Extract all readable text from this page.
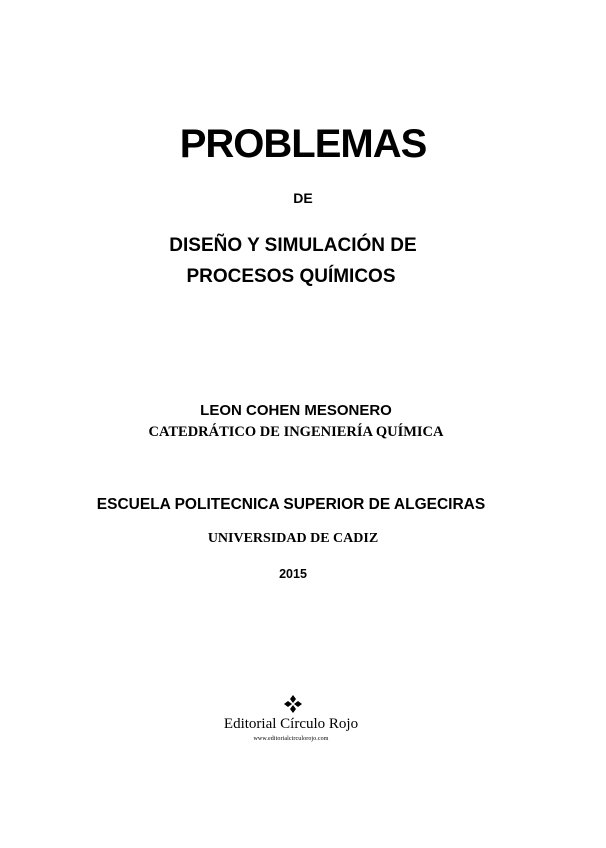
PROBLEMAS
DE
DISEÑO Y SIMULACIÓN DE
PROCESOS QUÍMICOS
LEON COHEN MESONERO
CATEDRÁTICO DE INGENIERÍA QUÍMICA
ESCUELA POLITECNICA SUPERIOR DE ALGECIRAS
UNIVERSIDAD DE CADIZ
2015
Editorial Círculo Rojo
www.editorialcirculorojo.com
